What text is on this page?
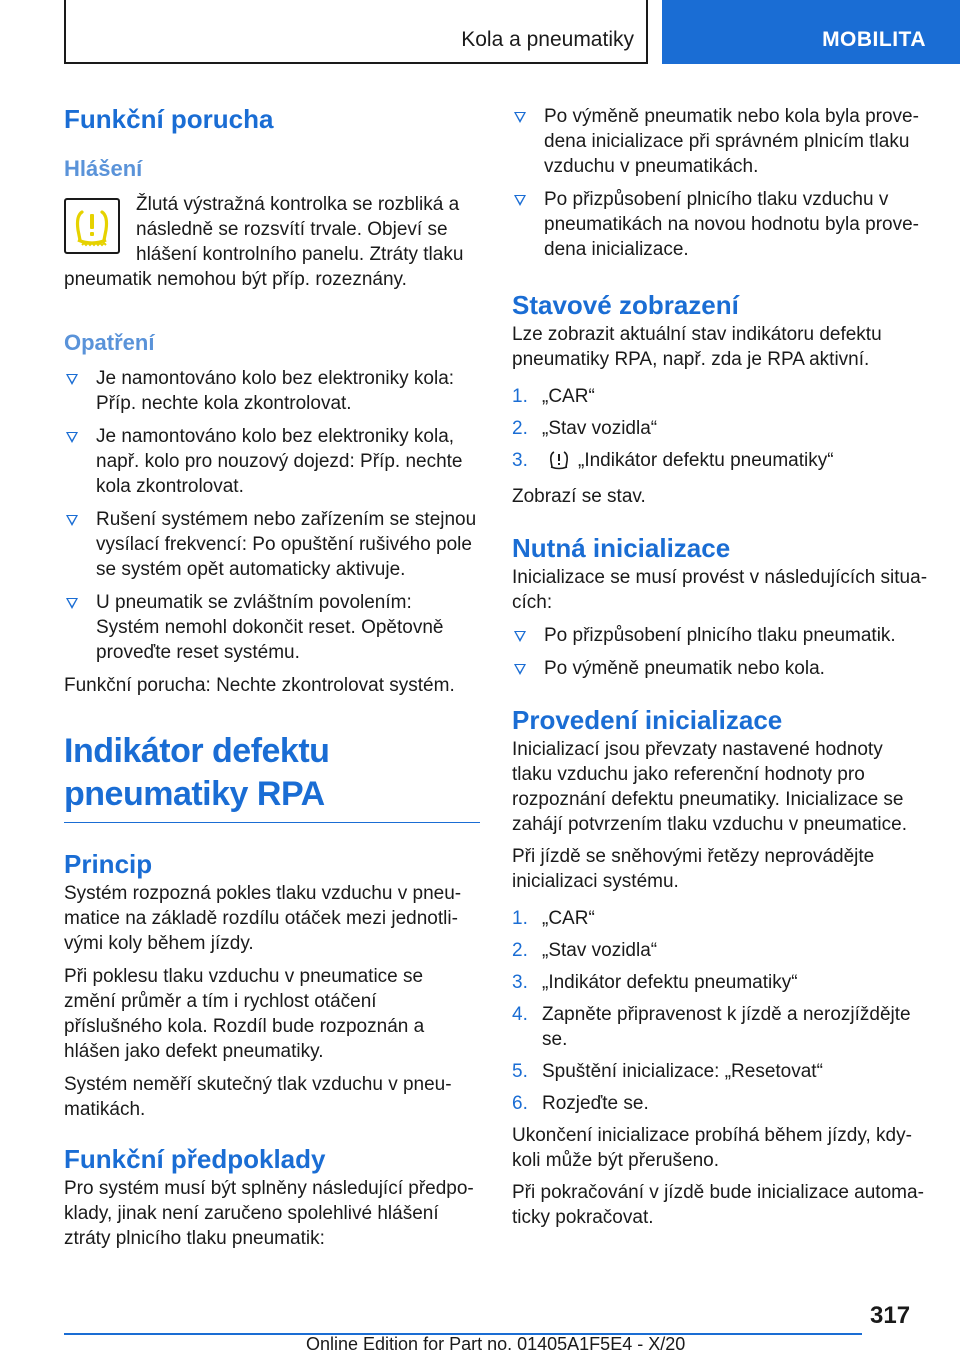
Kola a pneumatiky	MOBILITA
Funkční porucha
Hlášení

Žlutá výstražná kontrolka se rozbliká a následně se rozsvítí trvale. Objeví se hlášení kontrolního panelu. Ztráty tlaku pneumatik nemohou být příp. rozeznány.

Opatření
Je namontováno kolo bez elektroniky kola: Příp. nechte kola zkontrolovat.
Je namontováno kolo bez elektroniky kola, např. kolo pro nouzový dojezd: Příp. nechte kola zkontrolovat.
Rušení systémem nebo zařízením se stejnou vysílací frekvencí: Po opuštění rušivého pole se systém opět automaticky aktivuje.
U pneumatik se zvláštním povolením: Systém nemohl dokončit reset. Opětovně proveďte reset systému.

Funkční porucha: Nechte zkontrolovat systém.

Indikátor defektu pneumatiky RPA
Princip

Systém rozpozná pokles tlaku vzduchu v pneumatice na základě rozdílu otáček mezi jednotlivými koly během jízdy.

Při poklesu tlaku vzduchu v pneumatice se změní průměr a tím i rychlost otáčení příslušného kola. Rozdíl bude rozpoznán a hlášen jako defekt pneumatiky.

Systém neměří skutečný tlak vzduchu v pneumatikách.

Funkční předpoklady

Pro systém musí být splněny následující předpoklady, jinak není zaručeno spolehlivé hlášení ztráty plnicího tlaku pneumatik:

Po výměně pneumatik nebo kola byla provedena inicializace při správném plnicím tlaku vzduchu v pneumatikách.
Po přizpůsobení plnicího tlaku vzduchu v pneumatikách na novou hodnotu byla provedena inicializace.
Stavové zobrazení

Lze zobrazit aktuální stav indikátoru defektu pneumatiky RPA, např. zda je RPA aktivní.

1. „CAR“
2. „Stav vozidla“
3.	„Indikátor defektu pneumatiky“

Zobrazí se stav.

Nutná inicializace

Inicializace se musí provést v následujících situacích:

Po přizpůsobení plnicího tlaku pneumatik.
Po výměně pneumatik nebo kola.
Provedení inicializace

Inicializací jsou převzaty nastavené hodnoty tlaku vzduchu jako referenční hodnoty pro rozpoznání defektu pneumatiky. Inicializace se zahájí potvrzením tlaku vzduchu v pneumatice.

Při jízdě se sněhovými řetězy neprovádějte inicializaci systému.

1. „CAR“
2. „Stav vozidla“
3. „Indikátor defektu pneumatiky“
4. Zapněte připravenost k jízdě a nerozjíždějte se.
5. Spuštění inicializace: „Resetovat“
6. Rozjeďte se.

Ukončení inicializace probíhá během jízdy, kdykoli může být přerušeno.

Při pokračování v jízdě bude inicializace automaticky pokračovat.

317
Online Edition for Part no. 01405A1F5E4 - X/20
